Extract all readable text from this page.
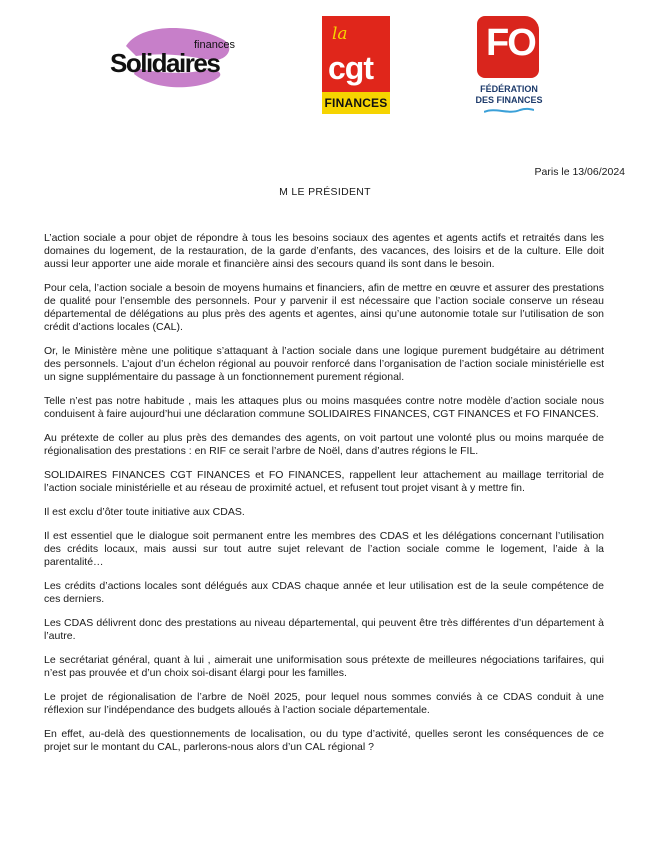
finances
Solidaires
la
cgt
FINANCES
FO
FÉDÉRATION
DES FINANCES
Paris le 13/06/2024
M LE PRÉSIDENT

L’action sociale a pour objet de répondre à tous les besoins sociaux des agentes et agents actifs et retraités dans les domaines du logement, de la restauration, de la garde d’enfants, des vacances, des loisirs et de la culture. Elle doit aussi leur apporter une aide morale et financière ainsi des secours quand ils sont dans le besoin.

Pour cela, l’action sociale a besoin de moyens humains et financiers, afin de mettre en œuvre et assurer des prestations de qualité pour l’ensemble des personnels. Pour y parvenir il est nécessaire que l’action sociale conserve un réseau départemental de délégations au plus près des agents et agentes, ainsi qu’une autonomie totale sur l’utilisation de son crédit d’actions locales (CAL).

Or, le Ministère mène une politique s’attaquant à l’action sociale dans une logique purement budgétaire au détriment des personnels. L’ajout d’un échelon régional au pouvoir renforcé dans l’organisation de l’action sociale ministérielle est un signe supplémentaire du passage à un fonctionnement purement régional.

Telle n’est pas notre habitude , mais les attaques plus ou moins masquées contre notre modèle d’action sociale nous conduisent à faire aujourd’hui une déclaration commune SOLIDAIRES FINANCES, CGT FINANCES et FO FINANCES.

Au prétexte de coller au plus près des demandes des agents, on voit partout une volonté plus ou moins marquée de régionalisation des prestations : en RIF ce serait l’arbre de Noël, dans d’autres régions le FIL.

SOLIDAIRES FINANCES CGT FINANCES et FO FINANCES, rappellent leur attachement au maillage territorial de l’action sociale ministérielle et au réseau de proximité actuel, et refusent tout projet visant à y mettre fin.

Il est exclu d’ôter toute initiative aux CDAS.

Il est essentiel que le dialogue soit permanent entre les membres des CDAS et les délégations concernant l’utilisation des crédits locaux, mais aussi sur tout autre sujet relevant de l’action sociale comme le logement, l’aide à la parentalité…

Les crédits d’actions locales sont délégués aux CDAS chaque année et leur utilisation est de la seule compétence de ces derniers.

Les CDAS délivrent donc des prestations au niveau départemental, qui peuvent être très différentes d’un département à l’autre.

Le secrétariat général, quant à lui , aimerait une uniformisation sous prétexte de meilleures négociations tarifaires, qui n’est pas prouvée et d’un choix soi-disant élargi pour les familles.

Le projet de régionalisation de l’arbre de Noël 2025, pour lequel nous sommes conviés à ce CDAS conduit à une réflexion sur l’indépendance des budgets alloués à l’action sociale départementale.

En effet, au-delà des questionnements de localisation, ou du type d’activité, quelles seront les conséquences de ce projet sur le montant du CAL, parlerons-nous alors d’un CAL régional ?
